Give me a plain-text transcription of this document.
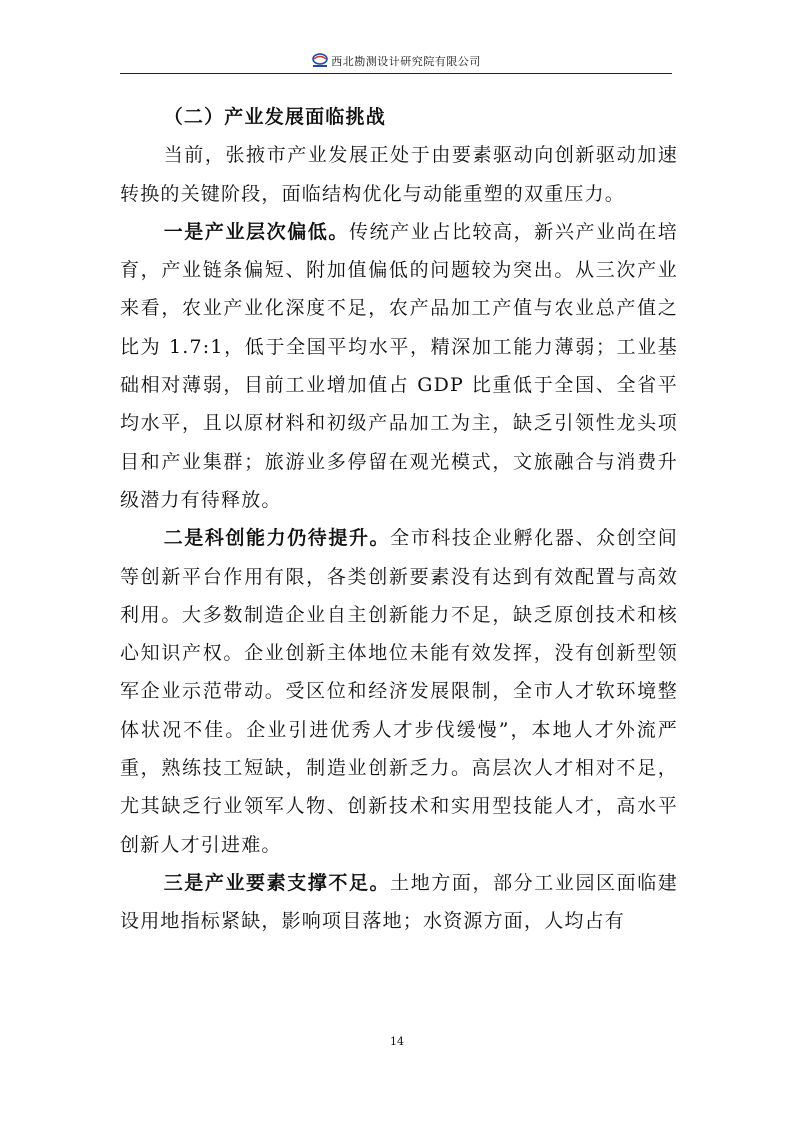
西北勘测设计研究院有限公司

（二）产业发展面临挑战

当前，张掖市产业发展正处于由要素驱动向创新驱动加速转换的关键阶段，面临结构优化与动能重塑的双重压力。

一是产业层次偏低。传统产业占比较高，新兴产业尚在培育，产业链条偏短、附加值偏低的问题较为突出。从三次产业来看，农业产业化深度不足，农产品加工产值与农业总产值之比为 1.7:1，低于全国平均水平，精深加工能力薄弱；工业基础相对薄弱，目前工业增加值占 GDP 比重低于全国、全省平均水平，且以原材料和初级产品加工为主，缺乏引领性龙头项目和产业集群；旅游业多停留在观光模式，文旅融合与消费升级潜力有待释放。

二是科创能力仍待提升。全市科技企业孵化器、众创空间等创新平台作用有限，各类创新要素没有达到有效配置与高效利用。大多数制造企业自主创新能力不足，缺乏原创技术和核心知识产权。企业创新主体地位未能有效发挥，没有创新型领军企业示范带动。受区位和经济发展限制，全市人才软环境整体状况不佳。企业引进优秀人才步伐缓慢”，本地人才外流严重，熟练技工短缺，制造业创新乏力。高层次人才相对不足，尤其缺乏行业领军人物、创新技术和实用型技能人才，高水平创新人才引进难。

三是产业要素支撑不足。土地方面，部分工业园区面临建设用地指标紧缺，影响项目落地；水资源方面，人均占有

14
